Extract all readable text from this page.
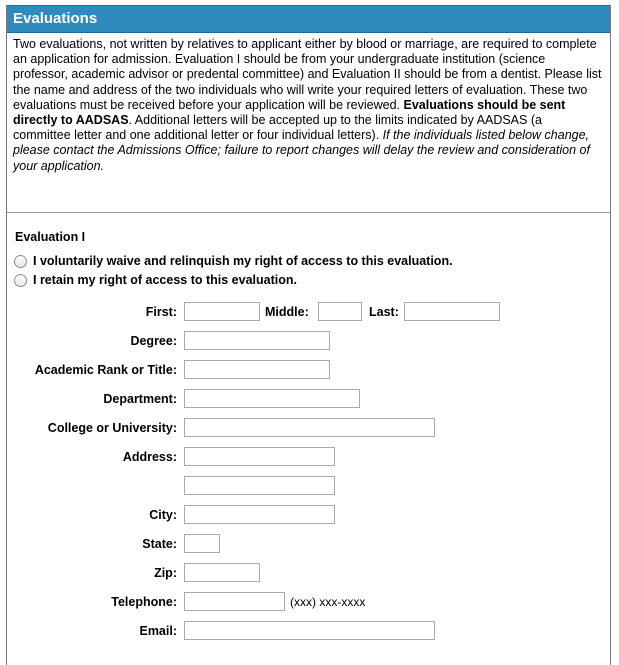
Evaluations
Two evaluations, not written by relatives to applicant either by blood or marriage, are required to complete an application for admission. Evaluation I should be from your undergraduate institution (science professor, academic advisor or predental committee) and Evaluation II should be from a dentist. Please list the name and address of the two individuals who will write your required letters of evaluation. These two evaluations must be received before your application will be reviewed. Evaluations should be sent directly to AADSAS. Additional letters will be accepted up to the limits indicated by AADSAS (a committee letter and one additional letter or four individual letters). If the individuals listed below change, please contact the Admissions Office; failure to report changes will delay the review and consideration of your application.
Evaluation I
I voluntarily waive and relinquish my right of access to this evaluation.
I retain my right of access to this evaluation.
First:	Middle:	Last:
Degree:
Academic Rank or Title:
Department:
College or University:
Address:
City:
State:
Zip:
Telephone:	(xxx) xxx-xxxx
Email:
